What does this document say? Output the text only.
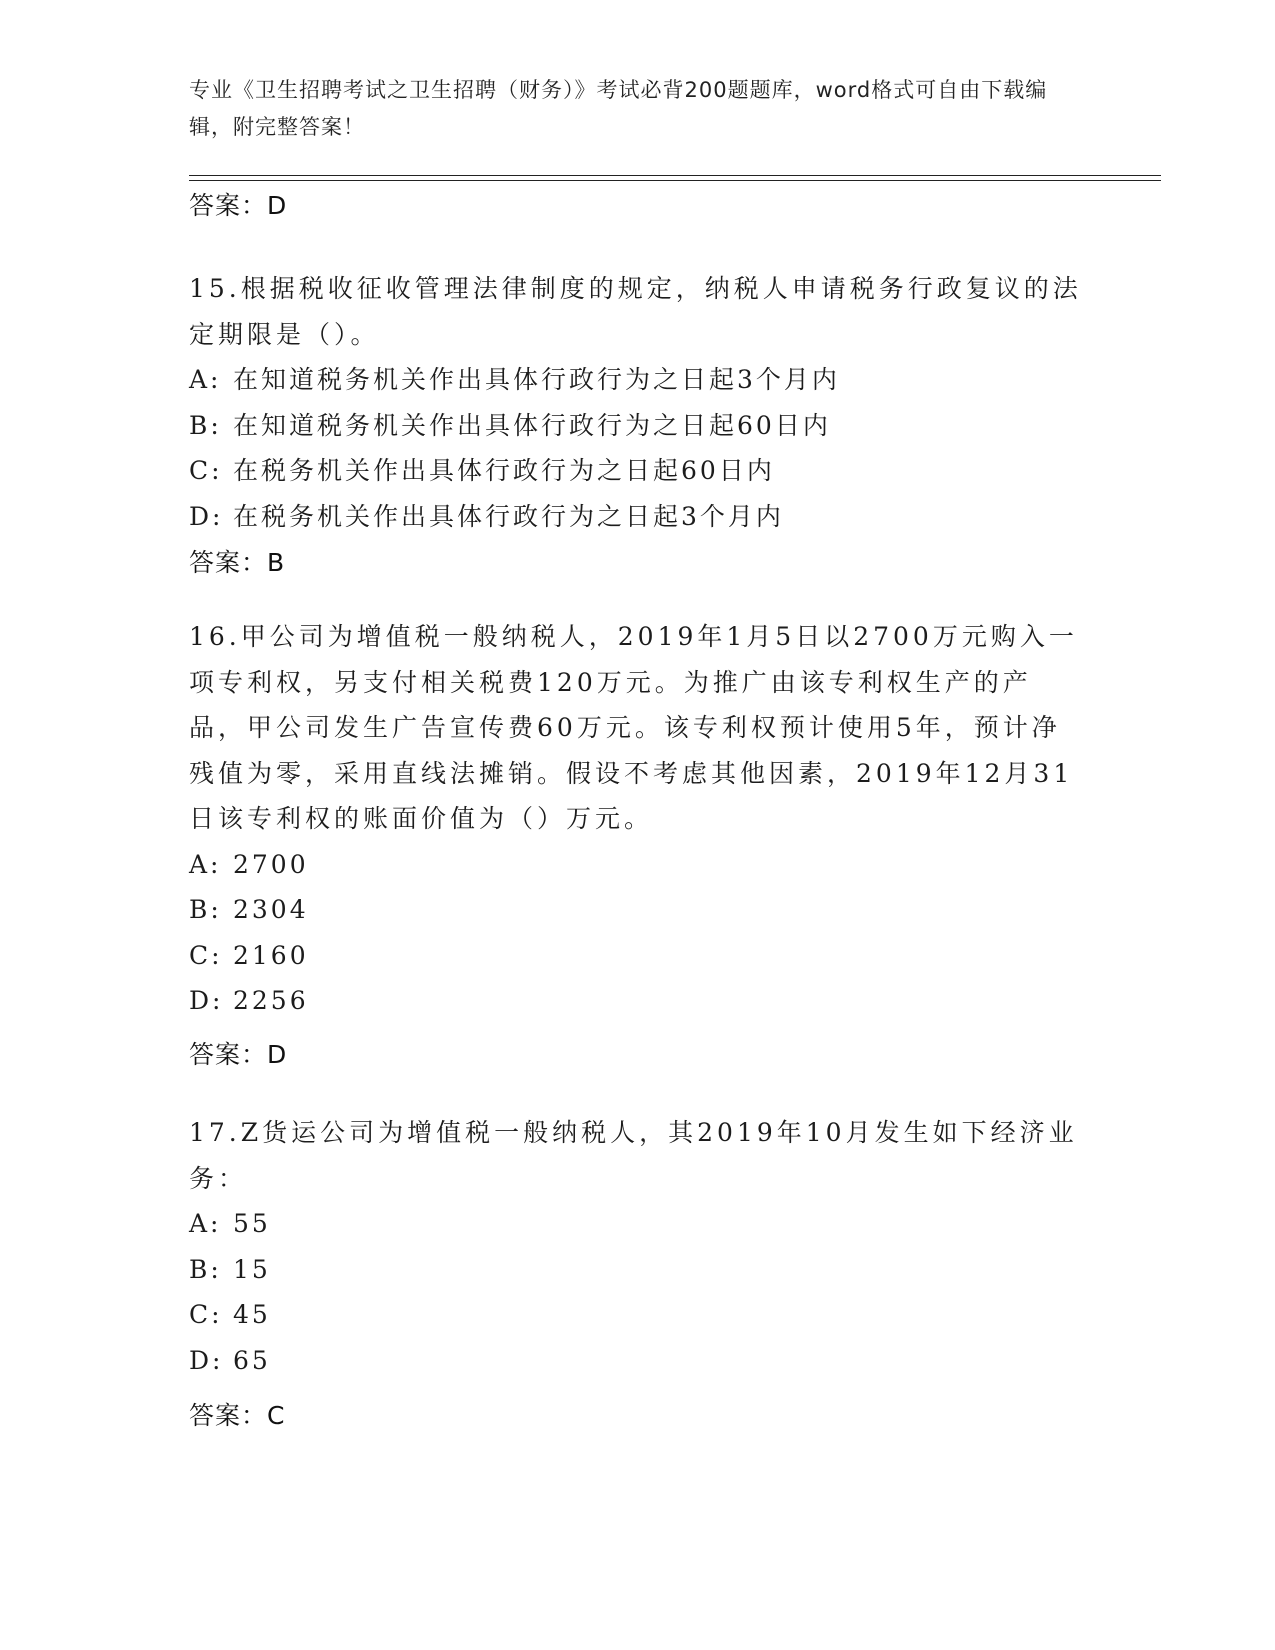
专业《卫生招聘考试之卫生招聘（财务）》考试必背200题题库，word格式可自由下载编辑，附完整答案！
答案：D

15.根据税收征收管理法律制度的规定，纳税人申请税务行政复议的法定期限是（）。

A: 在知道税务机关作出具体行政行为之日起3个月内
B: 在知道税务机关作出具体行政行为之日起60日内
C: 在税务机关作出具体行政行为之日起60日内
D: 在税务机关作出具体行政行为之日起3个月内
答案：B

16.甲公司为增值税一般纳税人，2019年1月5日以2700万元购入一项专利权，另支付相关税费120万元。为推广由该专利权生产的产品，甲公司发生广告宣传费60万元。该专利权预计使用5年，预计净残值为零，采用直线法摊销。假设不考虑其他因素，2019年12月31日该专利权的账面价值为（）万元。

A: 2700
B: 2304
C: 2160
D: 2256
答案：D

17.Z货运公司为增值税一般纳税人，其2019年10月发生如下经济业务：

A: 55
B: 15
C: 45
D: 65
答案：C
